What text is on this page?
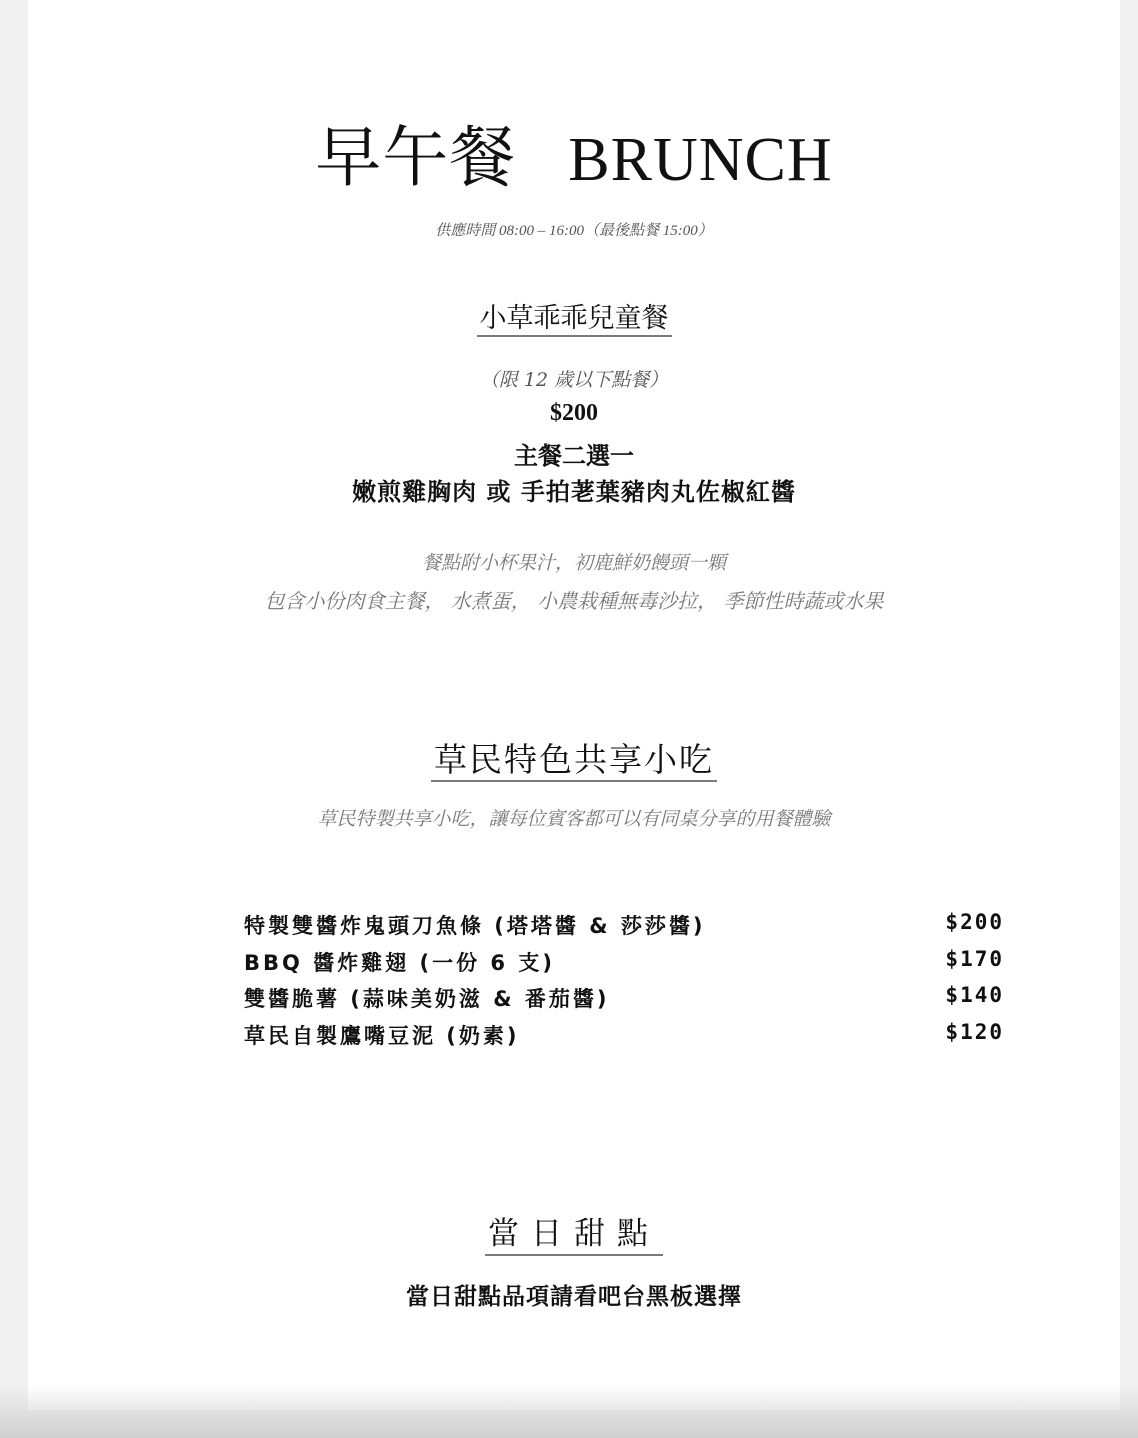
早午餐 BRUNCH
供應時間 08:00 – 16:00（最後點餐 15:00）
小草乖乖兒童餐
（限 12 歲以下點餐）
$200
主餐二選一
嫩煎雞胸肉 或 手拍荖葉豬肉丸佐椒紅醬
餐點附小杯果汁，初鹿鮮奶饅頭一顆
包含小份肉食主餐， 水煮蛋， 小農栽種無毒沙拉， 季節性時蔬或水果
草民特色共享小吃
草民特製共享小吃，讓每位賓客都可以有同桌分享的用餐體驗
特製雙醬炸鬼頭刀魚條 (塔塔醬 & 莎莎醬)	$200
BBQ 醬炸雞翅 (一份 6 支)	$170
雙醬脆薯 (蒜味美奶滋 & 番茄醬)	$140
草民自製鷹嘴豆泥 (奶素)	$120
當日甜點
當日甜點品項請看吧台黑板選擇
